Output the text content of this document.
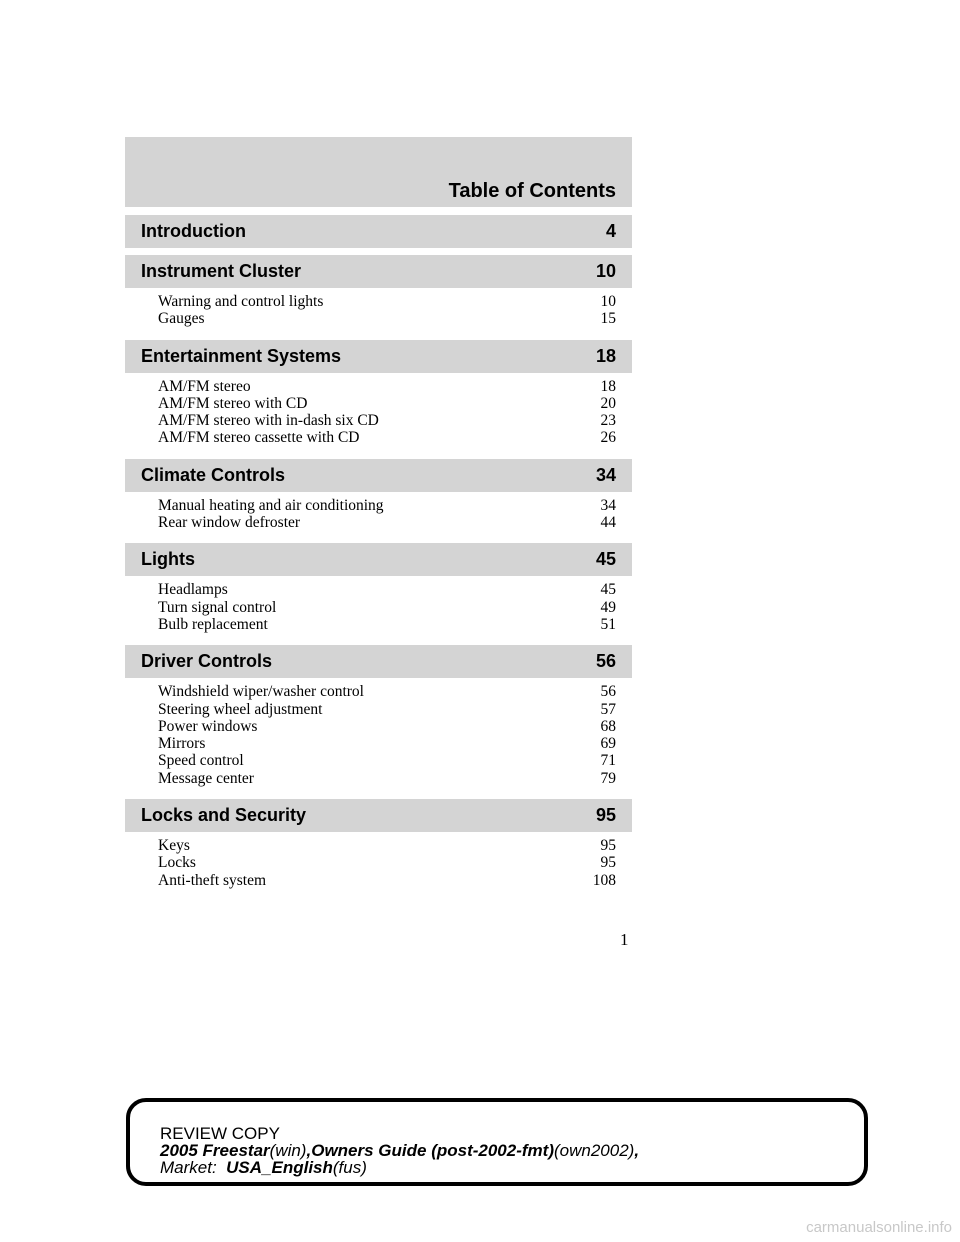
Table of Contents
Introduction	4
Instrument Cluster	10
Warning and control lights	10
Gauges	15
Entertainment Systems	18
AM/FM stereo	18
AM/FM stereo with CD	20
AM/FM stereo with in-dash six CD	23
AM/FM stereo cassette with CD	26
Climate Controls	34
Manual heating and air conditioning	34
Rear window defroster	44
Lights	45
Headlamps	45
Turn signal control	49
Bulb replacement	51
Driver Controls	56
Windshield wiper/washer control	56
Steering wheel adjustment	57
Power windows	68
Mirrors	69
Speed control	71
Message center	79
Locks and Security	95
Keys	95
Locks	95
Anti-theft system	108
1
REVIEW COPY
2005 Freestar(win),Owners Guide (post-2002-fmt)(own2002),
Market: USA_English(fus)
carmanualsonline.info
